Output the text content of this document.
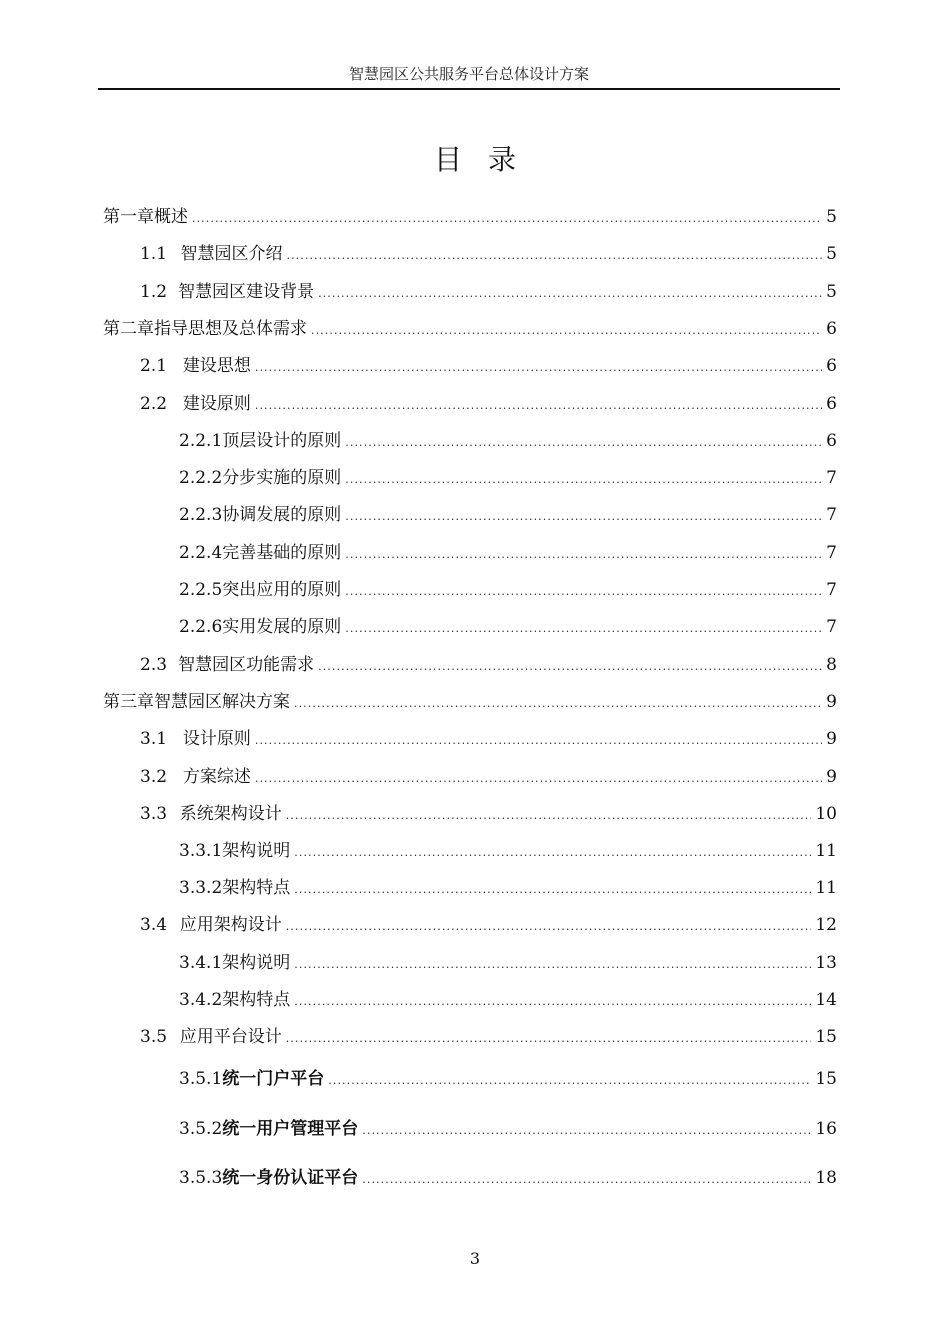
智慧园区公共服务平台总体设计方案
目录
第一章 概述 . . .	5
1.1 智慧园区介绍 . . .	5
1.2 智慧园区建设背景 . . .	5
第二章 指导思想及总体需求 . . .	6
2.1 建设思想 . . .	6
2.2 建设原则 . . .	6
2.2.1 顶层设计的原则 . . .	6
2.2.2 分步实施的原则 . . .	7
2.2.3 协调发展的原则 . . .	7
2.2.4 完善基础的原则 . . .	7
2.2.5 突出应用的原则 . . .	7
2.2.6 实用发展的原则 . . .	7
2.3 智慧园区功能需求 . . .	8
第三章 智慧园区解决方案 . . .	9
3.1 设计原则 . . .	9
3.2 方案综述 . . .	9
3.3 系统架构设计 . . .	10
3.3.1 架构说明 . . .	11
3.3.2 架构特点 . . .	11
3.4 应用架构设计 . . .	12
3.4.1 架构说明 . . .	13
3.4.2 架构特点 . . .	14
3.5 应用平台设计 . . .	15
3.5.1 统一门户平台 . . .	15
3.5.2 统一用户管理平台 . . .	16
3.5.3 统一身份认证平台 . . .	18
3
